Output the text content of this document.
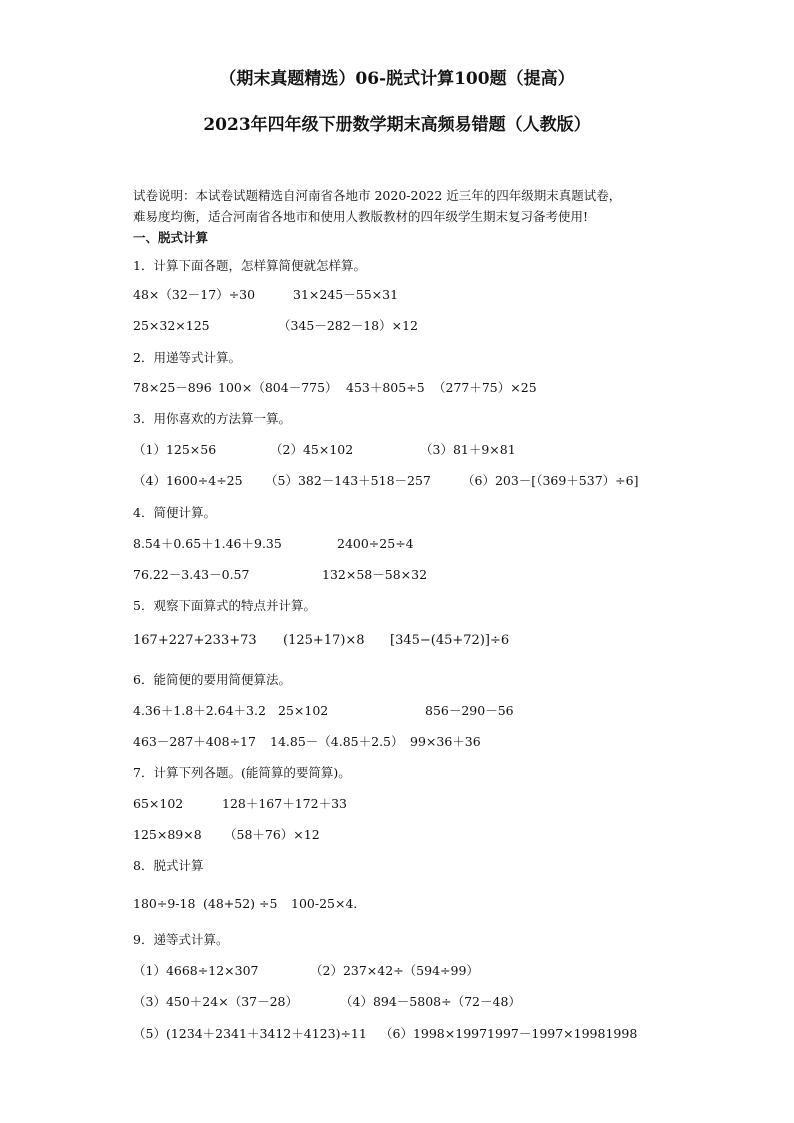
（期末真题精选）06-脱式计算100题（提高）
2023年四年级下册数学期末高频易错题（人教版）
试卷说明：本试卷试题精选自河南省各地市 2020-2022 近三年的四年级期末真题试卷，
难易度均衡，适合河南省各地市和使用人教版教材的四年级学生期末复习备考使用!
一、脱式计算
1．计算下面各题，怎样算简便就怎样算。
48×（32－17）÷30	31×245－55×31
25×32×125	（345－282－18）×12
2．用递等式计算。
78×25－896 100×（804－775） 453＋805÷5 （277＋75）×25
3．用你喜欢的方法算一算。
（1）125×56	（2）45×102	（3）81＋9×81
（4）1600÷4÷25 （5）382－143＋518－257 （6）203－[（369＋537）÷6]
4．简便计算。
8.54＋0.65＋1.46＋9.35	2400÷25÷4
76.22－3.43－0.57	132×58－58×32
5．观察下面算式的特点并计算。
167+227+233+73 (125+17)×8 [345−(45+72)]÷6
6．能简便的要用简便算法。
4.36＋1.8＋2.64＋3.2 25×102	856－290－56
463－287＋408÷17 14.85－（4.85＋2.5） 99×36＋36
7．计算下列各题。(能简算的要简算)。
65×102	128＋167＋172＋33
125×89×8 （58＋76）×12
8．脱式计算
180÷9-18 (48+52) ÷5 100-25×4．
9．递等式计算。
（1）4668÷12×307	（2）237×42÷（594÷99）
（3）450＋24×（37－28）	（4）894－5808÷（72－48）
（5）(1234＋2341＋3412＋4123)÷11 （6）1998×19971997－1997×19981998
